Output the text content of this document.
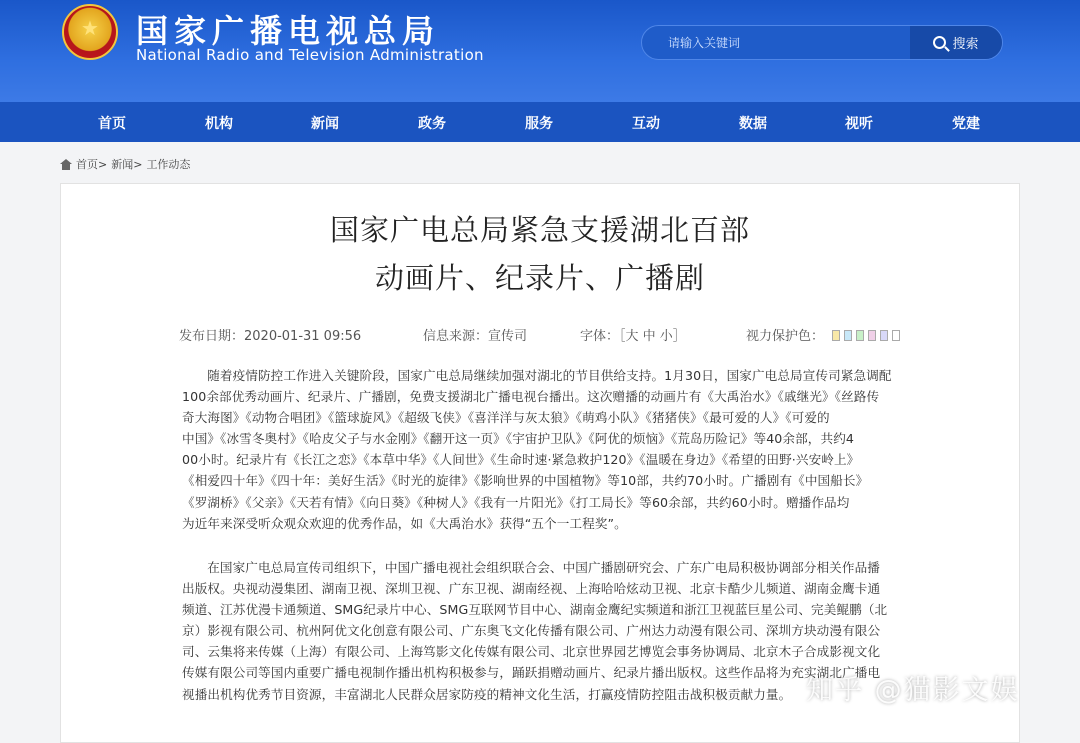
★
国家广播电视总局
National Radio and Television Administration
请输入关键词
搜索
首页	机构	新闻	政务	服务	互动	数据	视听	党建
首页> 新闻> 工作动态
国家广电总局紧急支援湖北百部
动画片、纪录片、广播剧
发布日期：2020-01-31 09:56	信息来源：宣传司	字体：［大 中 小］	视力保护色：
随着疫情防控工作进入关键阶段，国家广电总局继续加强对湖北的节目供给支持。1月30日，国家广电总局宣传司紧急调配
100余部优秀动画片、纪录片、广播剧，免费支援湖北广播电视台播出。这次赠播的动画片有《大禹治水》《戚继光》《丝路传
奇大海图》《动物合唱团》《篮球旋风》《超级飞侠》《喜洋洋与灰太狼》《萌鸡小队》《猪猪侠》《最可爱的人》《可爱的
中国》《冰雪冬奥村》《哈皮父子与水金刚》《翻开这一页》《宇宙护卫队》《阿优的烦恼》《荒岛历险记》等40余部，共约4
00小时。纪录片有《长江之恋》《本草中华》《人间世》《生命时速·紧急救护120》《温暖在身边》《希望的田野·兴安岭上》
《相爱四十年》《四十年：美好生活》《时光的旋律》《影响世界的中国植物》等10部，共约70小时。广播剧有《中国船长》
《罗湖桥》《父亲》《天若有情》《向日葵》《种树人》《我有一片阳光》《打工局长》等60余部，共约60小时。赠播作品均
为近年来深受听众观众欢迎的优秀作品，如《大禹治水》获得“五个一工程奖”。
在国家广电总局宣传司组织下，中国广播电视社会组织联合会、中国广播剧研究会、广东广电局积极协调部分相关作品播
出版权。央视动漫集团、湖南卫视、深圳卫视、广东卫视、湖南经视、上海哈哈炫动卫视、北京卡酷少儿频道、湖南金鹰卡通
频道、江苏优漫卡通频道、SMG纪录片中心、SMG互联网节目中心、湖南金鹰纪实频道和浙江卫视蓝巨星公司、完美鲲鹏（北
京）影视有限公司、杭州阿优文化创意有限公司、广东奥飞文化传播有限公司、广州达力动漫有限公司、深圳方块动漫有限公
司、云集将来传媒（上海）有限公司、上海笃影文化传媒有限公司、北京世界园艺博览会事务协调局、北京木子合成影视文化
传媒有限公司等国内重要广播电视制作播出机构积极参与，踊跃捐赠动画片、纪录片播出版权。这些作品将为充实湖北广播电
视播出机构优秀节目资源，丰富湖北人民群众居家防疫的精神文化生活，打赢疫情防控阻击战积极贡献力量。 知乎 @猫影文娱
